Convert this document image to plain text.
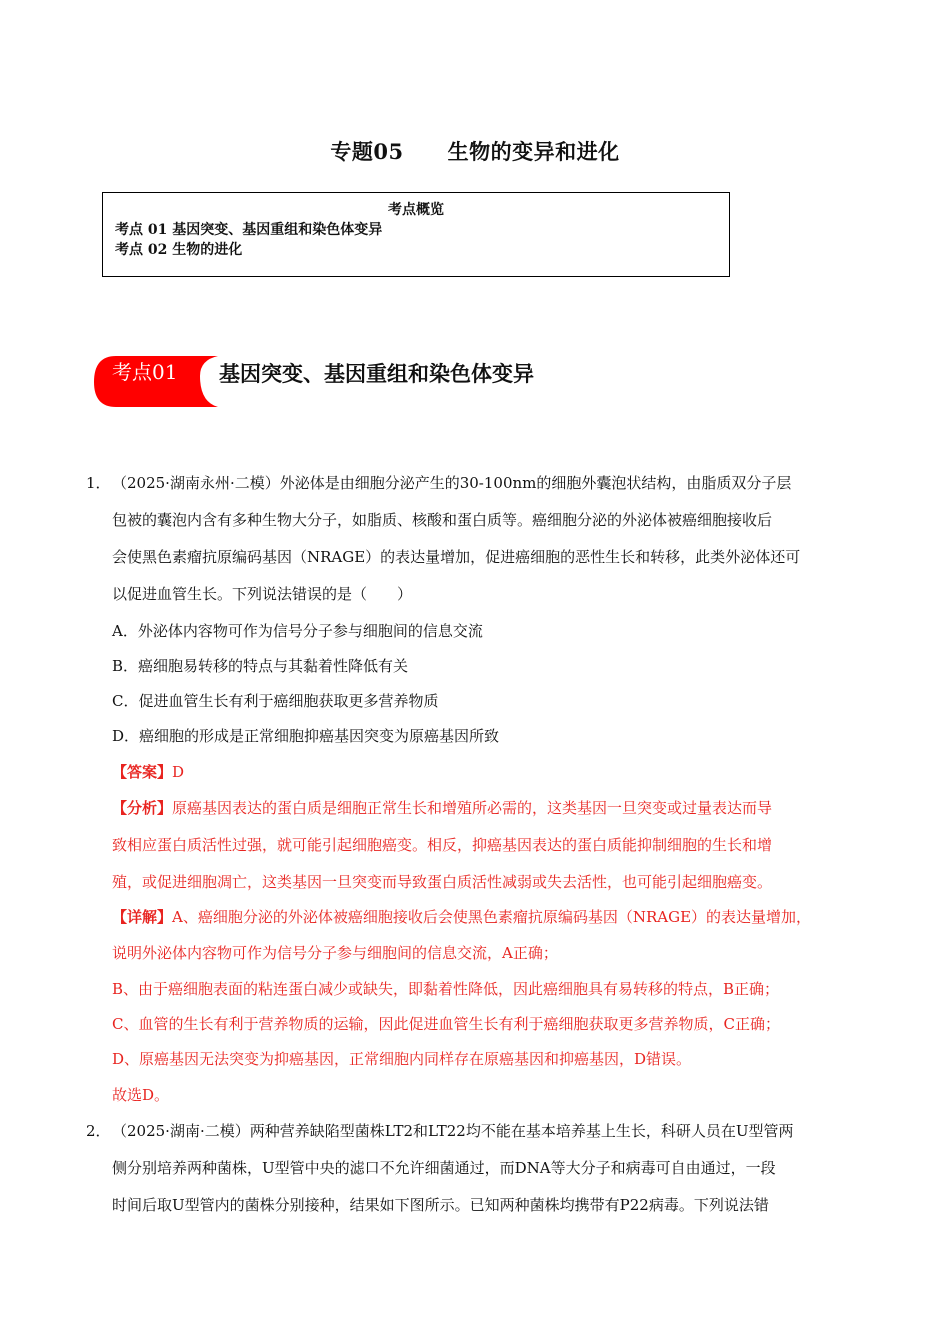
专题05 生物的变异和进化
考点概览
考点 01 基因突变、基因重组和染色体变异
考点 02 生物的进化
考点01 基因突变、基因重组和染色体变异
1． （2025·湖南永州·二模）外泌体是由细胞分泌产生的30-100nm的细胞外囊泡状结构，由脂质双分子层
包被的囊泡内含有多种生物大分子，如脂质、核酸和蛋白质等。癌细胞分泌的外泌体被癌细胞接收后
会使黑色素瘤抗原编码基因（NRAGE）的表达量增加，促进癌细胞的恶性生长和转移，此类外泌体还可
以促进血管生长。下列说法错误的是（　　）
A．外泌体内容物可作为信号分子参与细胞间的信息交流
B．癌细胞易转移的特点与其黏着性降低有关
C．促进血管生长有利于癌细胞获取更多营养物质
D．癌细胞的形成是正常细胞抑癌基因突变为原癌基因所致
【答案】D
【分析】原癌基因表达的蛋白质是细胞正常生长和增殖所必需的，这类基因一旦突变或过量表达而导
致相应蛋白质活性过强，就可能引起细胞癌变。相反，抑癌基因表达的蛋白质能抑制细胞的生长和增
殖，或促进细胞凋亡，这类基因一旦突变而导致蛋白质活性减弱或失去活性，也可能引起细胞癌变。
【详解】A、癌细胞分泌的外泌体被癌细胞接收后会使黑色素瘤抗原编码基因（NRAGE）的表达量增加，
说明外泌体内容物可作为信号分子参与细胞间的信息交流，A正确；
B、由于癌细胞表面的粘连蛋白减少或缺失，即黏着性降低，因此癌细胞具有易转移的特点，B正确；
C、血管的生长有利于营养物质的运输，因此促进血管生长有利于癌细胞获取更多营养物质，C正确；
D、原癌基因无法突变为抑癌基因，正常细胞内同样存在原癌基因和抑癌基因，D错误。
故选D。
2． （2025·湖南·二模）两种营养缺陷型菌株LT2和LT22均不能在基本培养基上生长，科研人员在U型管两
侧分别培养两种菌株，U型管中央的滤口不允许细菌通过，而DNA等大分子和病毒可自由通过，一段
时间后取U型管内的菌株分别接种，结果如下图所示。已知两种菌株均携带有P22病毒。下列说法错
